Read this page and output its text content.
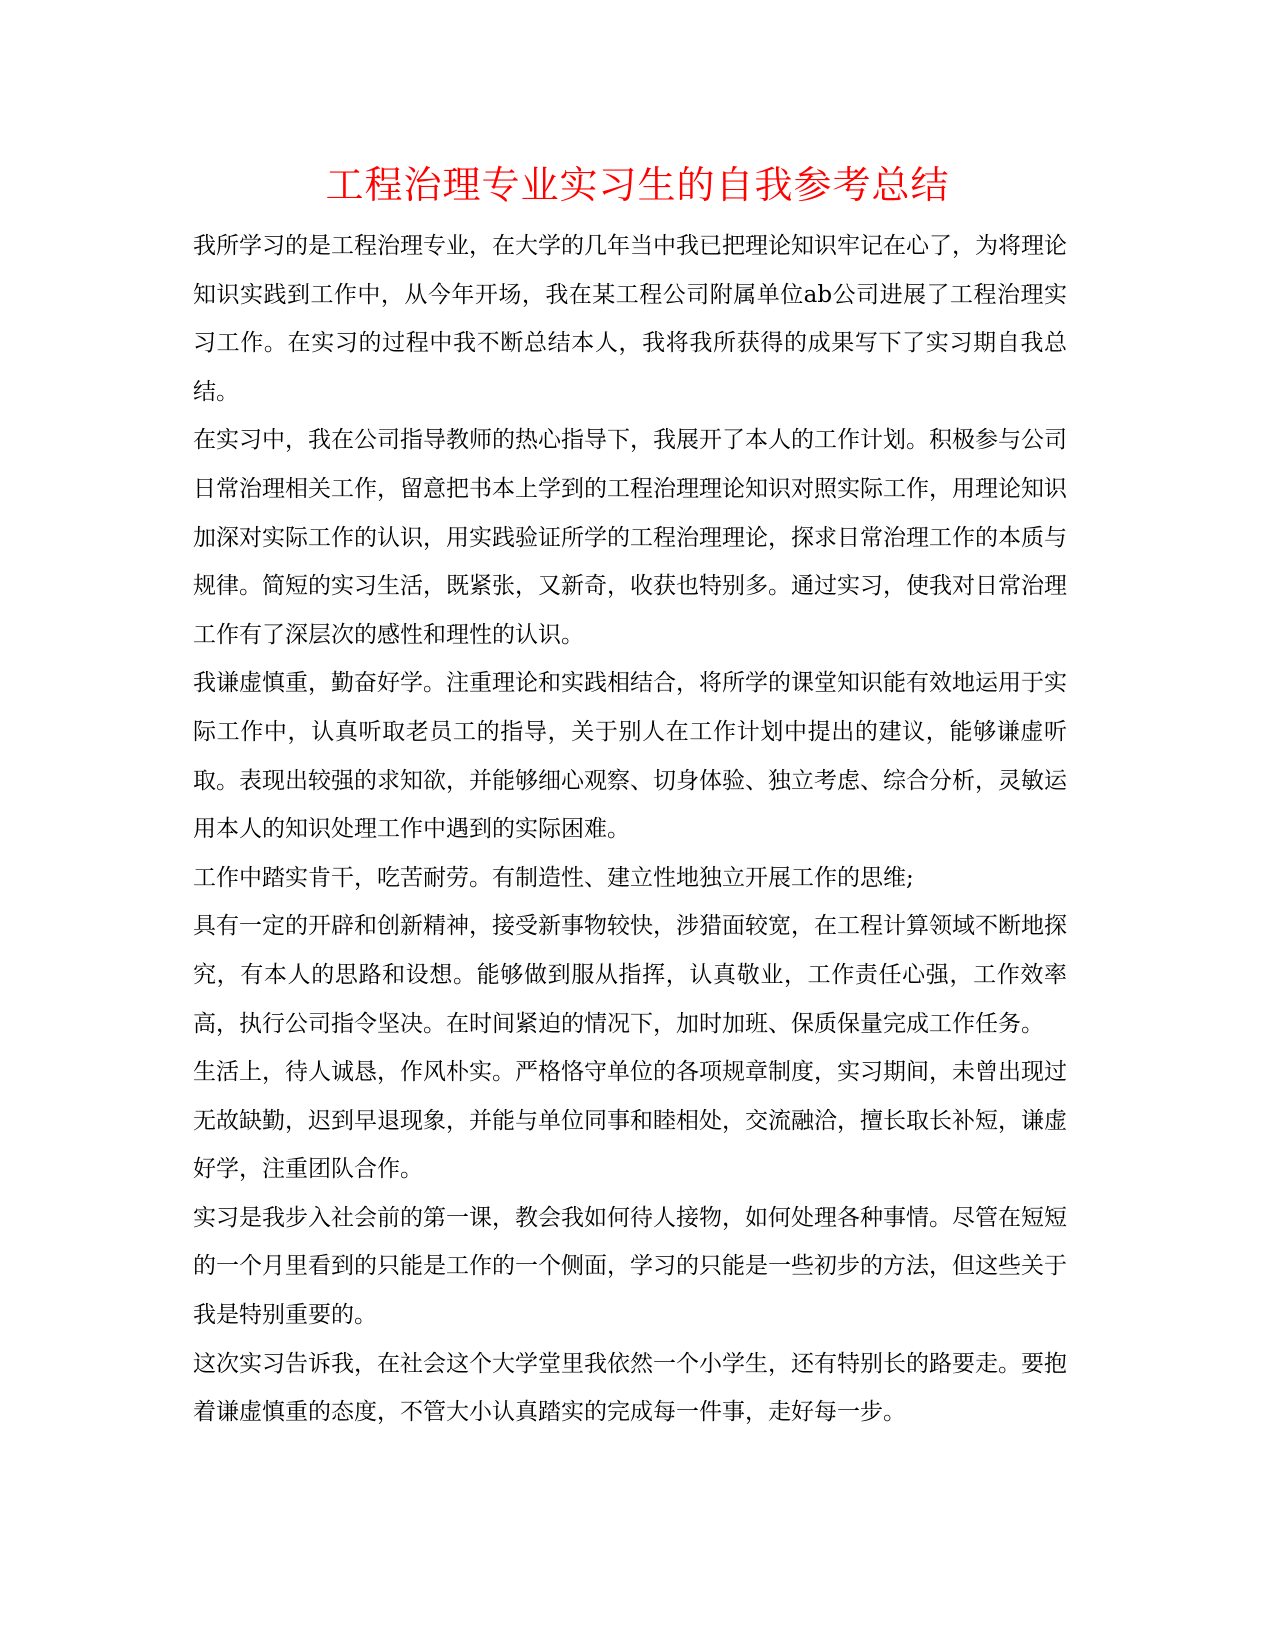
工程治理专业实习生的自我参考总结

我所学习的是工程治理专业，在大学的几年当中我已把理论知识牢记在心了，为将理论知识实践到工作中，从今年开场，我在某工程公司附属单位ab公司进展了工程治理实习工作。在实习的过程中我不断总结本人，我将我所获得的成果写下了实习期自我总结。

在实习中，我在公司指导教师的热心指导下，我展开了本人的工作计划。积极参与公司日常治理相关工作，留意把书本上学到的工程治理理论知识对照实际工作，用理论知识加深对实际工作的认识，用实践验证所学的工程治理理论，探求日常治理工作的本质与规律。简短的实习生活，既紧张，又新奇，收获也特别多。通过实习，使我对日常治理工作有了深层次的感性和理性的认识。

我谦虚慎重，勤奋好学。注重理论和实践相结合，将所学的课堂知识能有效地运用于实际工作中，认真听取老员工的指导，关于别人在工作计划中提出的建议，能够谦虚听取。表现出较强的求知欲，并能够细心观察、切身体验、独立考虑、综合分析，灵敏运用本人的知识处理工作中遇到的实际困难。

工作中踏实肯干，吃苦耐劳。有制造性、建立性地独立开展工作的思维;

具有一定的开辟和创新精神，接受新事物较快，涉猎面较宽，在工程计算领域不断地探究，有本人的思路和设想。能够做到服从指挥，认真敬业，工作责任心强，工作效率高，执行公司指令坚决。在时间紧迫的情况下，加时加班、保质保量完成工作任务。

生活上，待人诚恳，作风朴实。严格恪守单位的各项规章制度，实习期间，未曾出现过无故缺勤，迟到早退现象，并能与单位同事和睦相处，交流融洽，擅长取长补短，谦虚好学，注重团队合作。

实习是我步入社会前的第一课，教会我如何待人接物，如何处理各种事情。尽管在短短的一个月里看到的只能是工作的一个侧面，学习的只能是一些初步的方法，但这些关于我是特别重要的。

这次实习告诉我，在社会这个大学堂里我依然一个小学生，还有特别长的路要走。要抱着谦虚慎重的态度，不管大小认真踏实的完成每一件事，走好每一步。
